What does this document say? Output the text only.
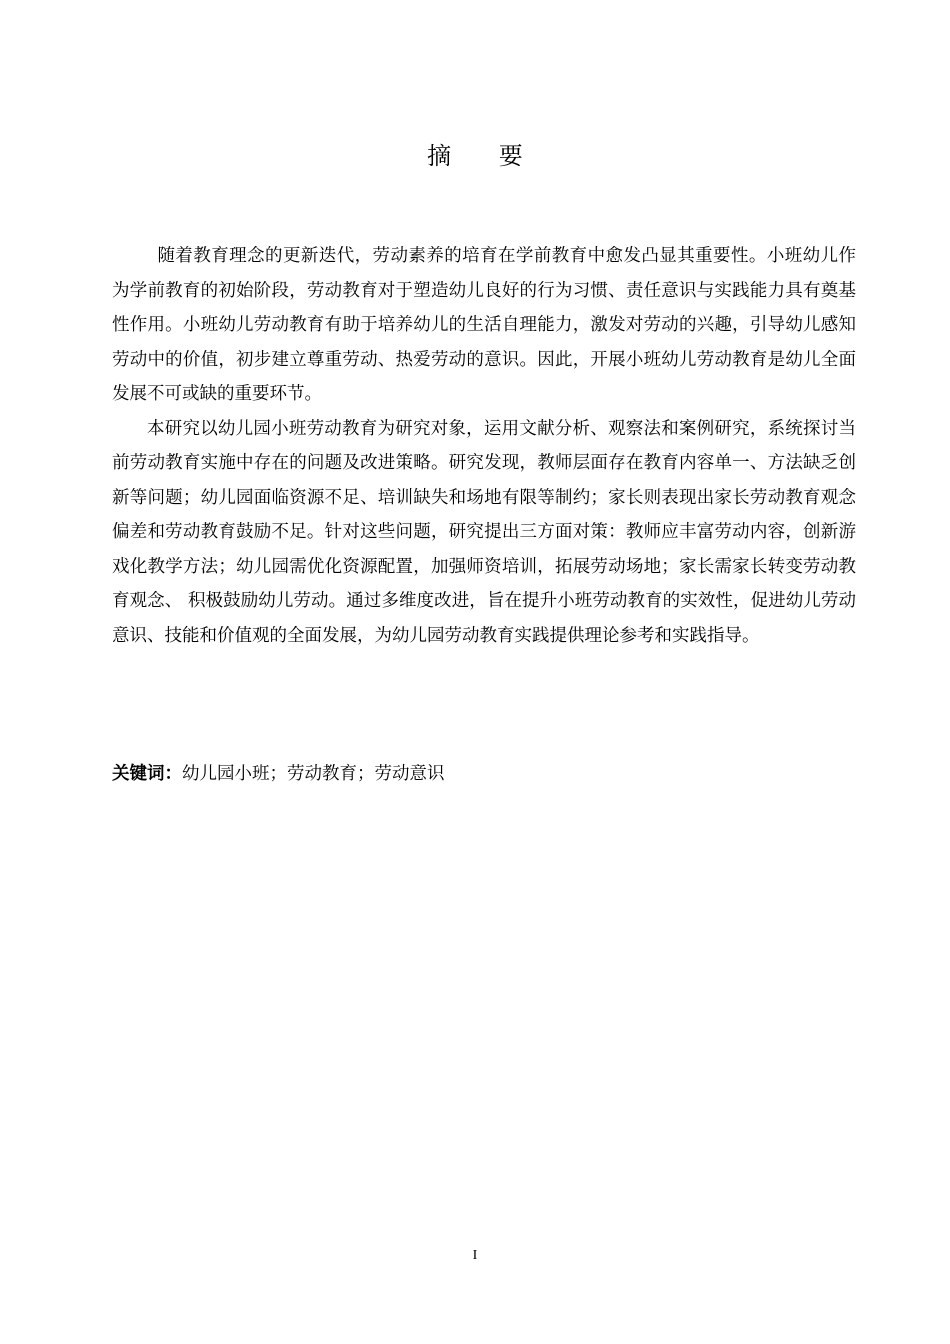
摘 要

随着教育理念的更新迭代，劳动素养的培育在学前教育中愈发凸显其重要性。小班幼儿作为学前教育的初始阶段，劳动教育对于塑造幼儿良好的行为习惯、责任意识与实践能力具有奠基性作用。小班幼儿劳动教育有助于培养幼儿的生活自理能力，激发对劳动的兴趣，引导幼儿感知劳动中的价值，初步建立尊重劳动、热爱劳动的意识。因此，开展小班幼儿劳动教育是幼儿全面发展不可或缺的重要环节。

本研究以幼儿园小班劳动教育为研究对象，运用文献分析、观察法和案例研究，系统探讨当前劳动教育实施中存在的问题及改进策略。研究发现，教师层面存在教育内容单一、方法缺乏创新等问题；幼儿园面临资源不足、培训缺失和场地有限等制约；家长则表现出家长劳动教育观念偏差和劳动教育鼓励不足。针对这些问题，研究提出三方面对策：教师应丰富劳动内容，创新游戏化教学方法；幼儿园需优化资源配置，加强师资培训，拓展劳动场地；家长需家长转变劳动教育观念、 积极鼓励幼儿劳动。通过多维度改进，旨在提升小班劳动教育的实效性，促进幼儿劳动意识、技能和价值观的全面发展，为幼儿园劳动教育实践提供理论参考和实践指导。

关键词：幼儿园小班；劳动教育；劳动意识
I
